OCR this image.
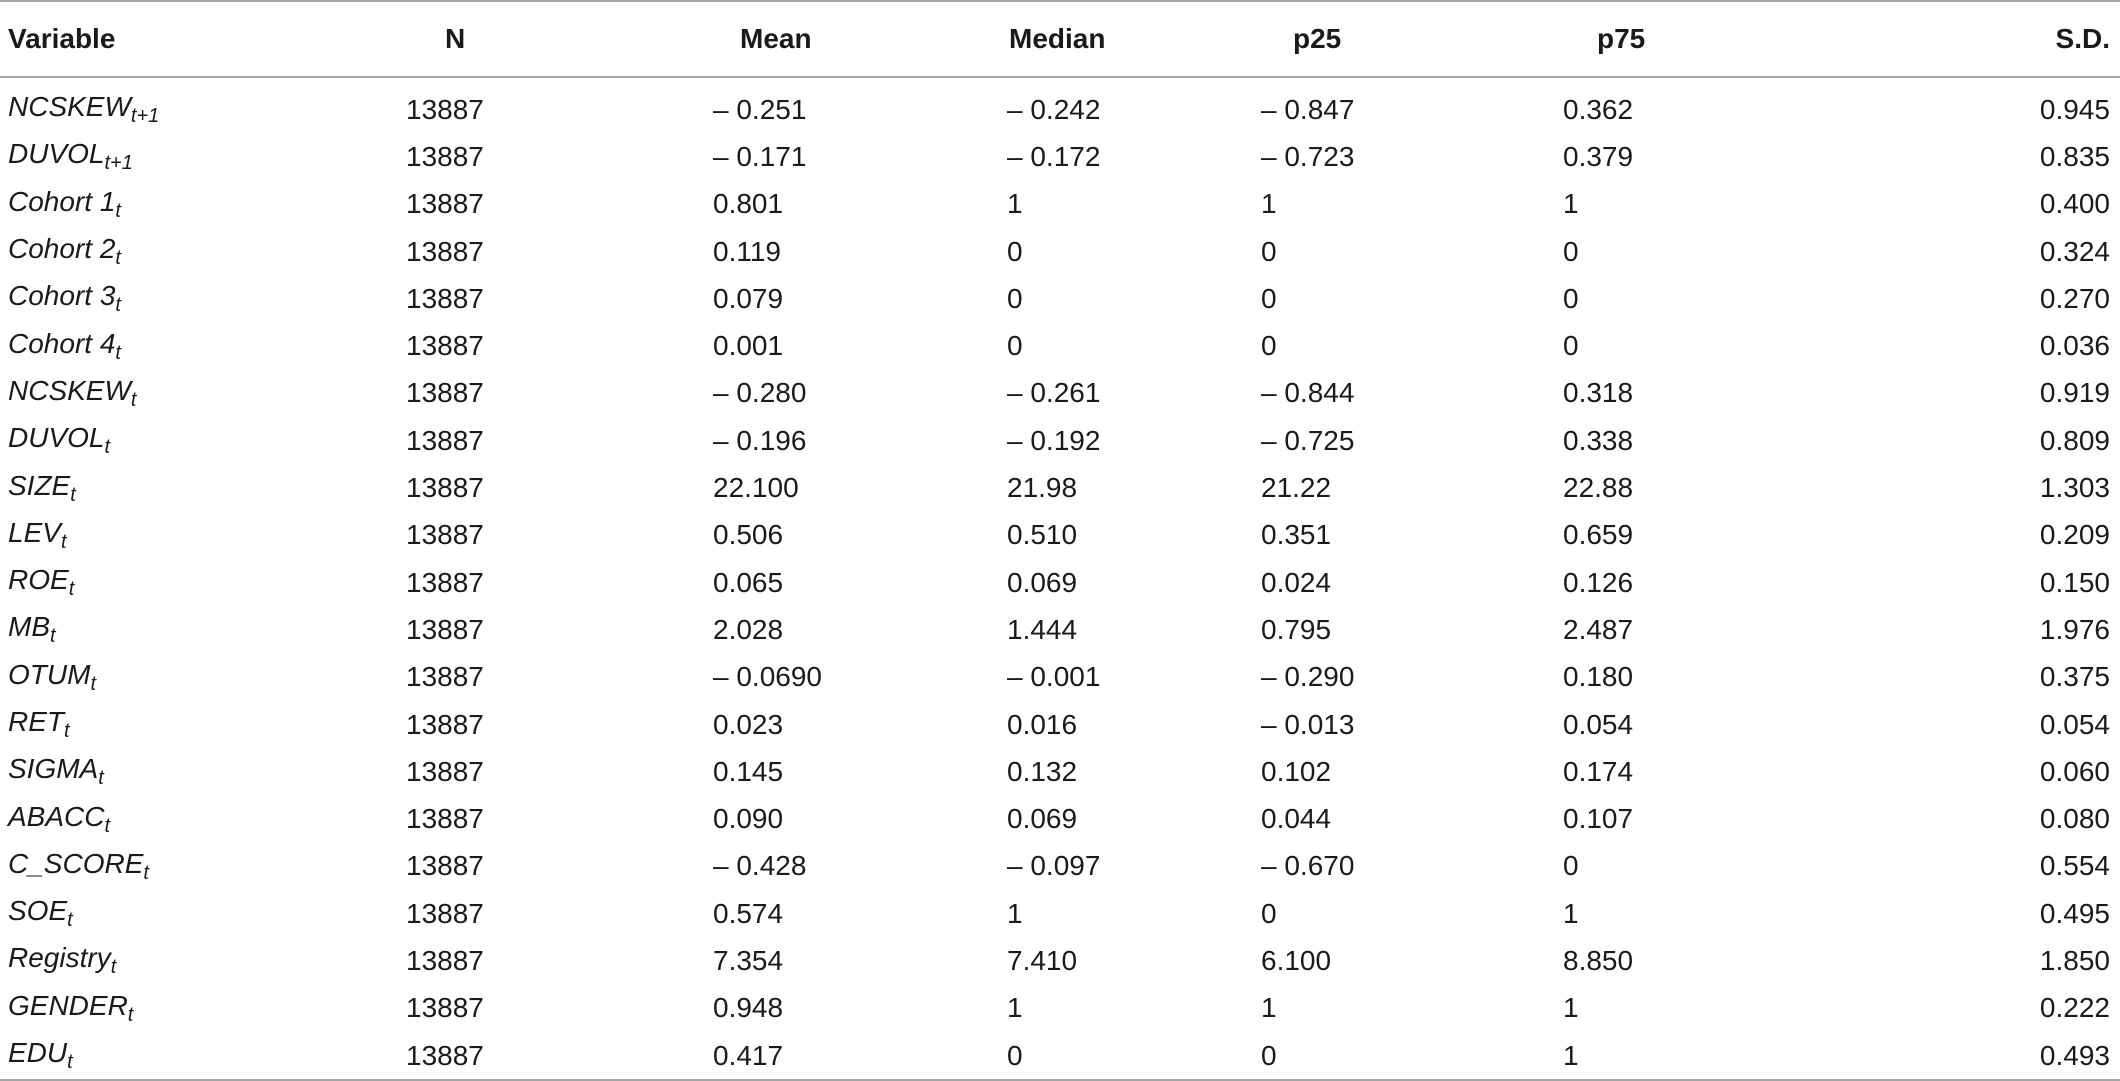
Variable	N	Mean	Median	p25	p75	S.D.
$NCSKEW_{t+1}$	13887	– 0.251	– 0.242	– 0.847	0.362	0.945
$DUVOL_{t+1}$	13887	– 0.171	– 0.172	– 0.723	0.379	0.835
Cohort $1_t$	13887	0.801	1	1	1	0.400
Cohort $2_t$	13887	0.119	0	0	0	0.324
Cohort $3_t$	13887	0.079	0	0	0	0.270
Cohort $4_t$	13887	0.001	0	0	0	0.036
$NCSKEW_t$	13887	– 0.280	– 0.261	– 0.844	0.318	0.919
$DUVOL_t$	13887	– 0.196	– 0.192	– 0.725	0.338	0.809
$SIZE_t$	13887	22.100	21.98	21.22	22.88	1.303
$LEV_t$	13887	0.506	0.510	0.351	0.659	0.209
$ROE_t$	13887	0.065	0.069	0.024	0.126	0.150
$MB_t$	13887	2.028	1.444	0.795	2.487	1.976
$OTUM_t$	13887	– 0.0690	– 0.001	– 0.290	0.180	0.375
$RET_t$	13887	0.023	0.016	– 0.013	0.054	0.054
$SIGMA_t$	13887	0.145	0.132	0.102	0.174	0.060
$ABACC_t$	13887	0.090	0.069	0.044	0.107	0.080
$C\_SCORE_t$	13887	– 0.428	– 0.097	– 0.670	0	0.554
$SOE_t$	13887	0.574	1	0	1	0.495
Registry$_t$	13887	7.354	7.410	6.100	8.850	1.850
$GENDER_t$	13887	0.948	1	1	1	0.222
$EDU_t$	13887	0.417	0	0	1	0.493
